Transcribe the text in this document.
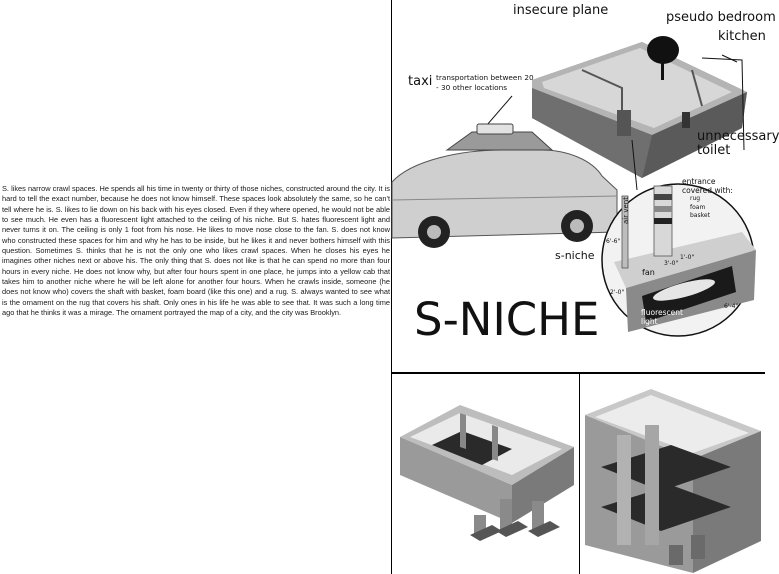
S. likes narrow crawl spaces. He spends all his time in twenty or thirty of those niches, constructed around the city. It is hard to tell the exact number, because he does not know himself. These spaces look absolutely the same, so he can't tell where he is. S. likes to lie down on his back with his eyes closed. Even if they where opened, he would not be able to see much. He even has a fluorescent light attached to the ceiling of his niche. But S. hates fluorescent light and never turns it on. The ceiling is only 1 foot from his nose. He likes to move nose close to the fan. S. does not know who constructed these spaces for him and why he has to be inside, but he likes it and never bothers himself with this question. Sometimes S. thinks that he is not the only one who likes crawl spaces. When he closes his eyes he imagines other niches next or above his. The only thing that S. does not like is that he can spend no more than four hours in every niche. He does not know why, but after four hours spent in one place, he jumps into a yellow cab that takes him to another niche where he will be left alone for another four hours. When he crawls inside, someone (he does not know who) covers the shaft with basket, foam board (like this one) and a rug. S. always wanted to see what is the ornament on the rug that covers his shaft. Only ones in his life he was able to see that. It was such a long time ago that he thinks it was a mirage. The ornament portrayed the map of a city, and the city was Brooklyn.

insecure plane	pseudo bedroom
kitchen
unnecessary
toilet
taxi transportation between 20 - 30 other locations
s-niche
entrance
covered with:
rug
foam
basket
air vent
fan
fluorescent
light
6'-6"
2'-0"
6'-4"
3'-0"
1'-0"
S-NICHE
